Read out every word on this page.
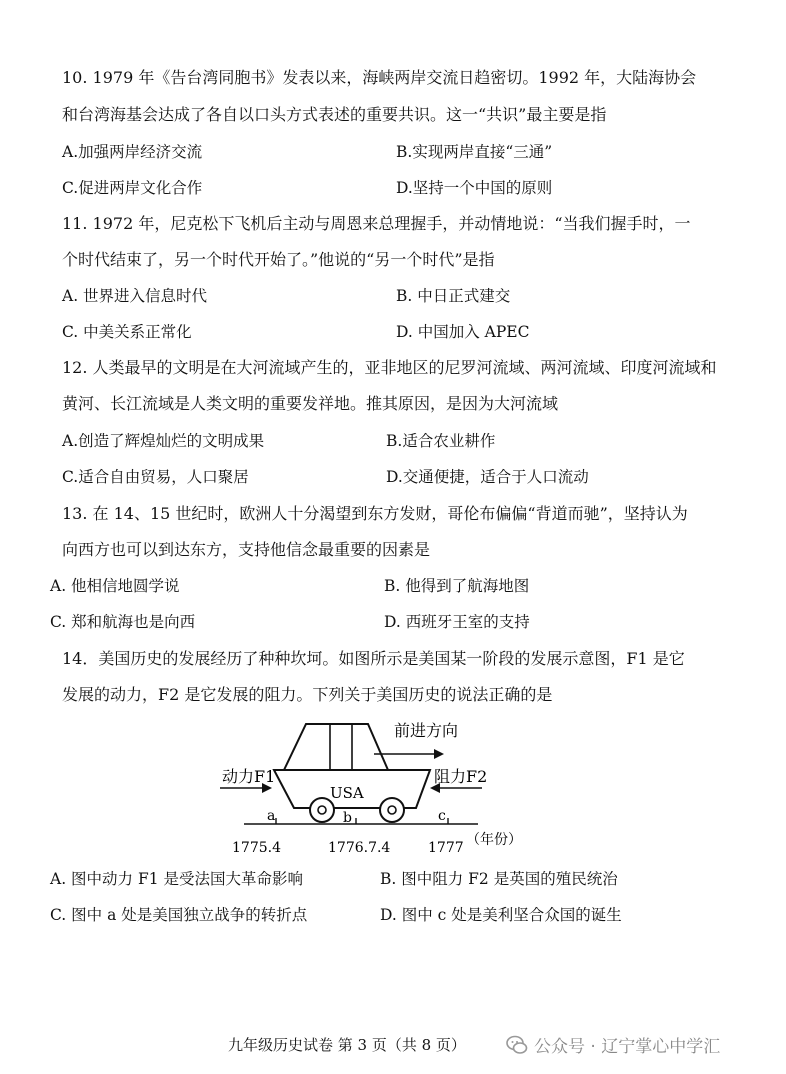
10. 1979 年《告台湾同胞书》发表以来，海峡两岸交流日趋密切。1992 年，大陆海协会
和台湾海基会达成了各自以口头方式表述的重要共识。这一“共识”最主要是指
A.加强两岸经济交流	B.实现两岸直接“三通”
C.促进两岸文化合作	D.坚持一个中国的原则
11. 1972 年，尼克松下飞机后主动与周恩来总理握手，并动情地说：“当我们握手时，一
个时代结束了，另一个时代开始了。”他说的“另一个时代”是指
A. 世界进入信息时代	B. 中日正式建交
C. 中美关系正常化	D. 中国加入 APEC
12. 人类最早的文明是在大河流域产生的，亚非地区的尼罗河流域、两河流域、印度河流域和
黄河、长江流域是人类文明的重要发祥地。推其原因，是因为大河流域
A.创造了辉煌灿烂的文明成果	B.适合农业耕作
C.适合自由贸易，人口聚居	D.交通便捷，适合于人口流动
13. 在 14、15 世纪时，欧洲人十分渴望到东方发财，哥伦布偏偏“背道而驰”，坚持认为
向西方也可以到达东方，支持他信念最重要的因素是
A. 他相信地圆学说	B. 他得到了航海地图
C. 郑和航海也是向西	D. 西班牙王室的支持
14．美国历史的发展经历了种种坎坷。如图所示是美国某一阶段的发展示意图，F1 是它
发展的动力，F2 是它发展的阻力。下列关于美国历史的说法正确的是
USA
前进方向
动力F1	阻力F2
a	b	c
1775.4	1776.7.4	1777 （年份）
A. 图中动力 F1 是受法国大革命影响	B. 图中阻力 F2 是英国的殖民统治
C. 图中 a 处是美国独立战争的转折点	D. 图中 c 处是美利坚合众国的诞生
九年级历史试卷 第 3 页（共 8 页）	公众号 · 辽宁掌心中学汇
